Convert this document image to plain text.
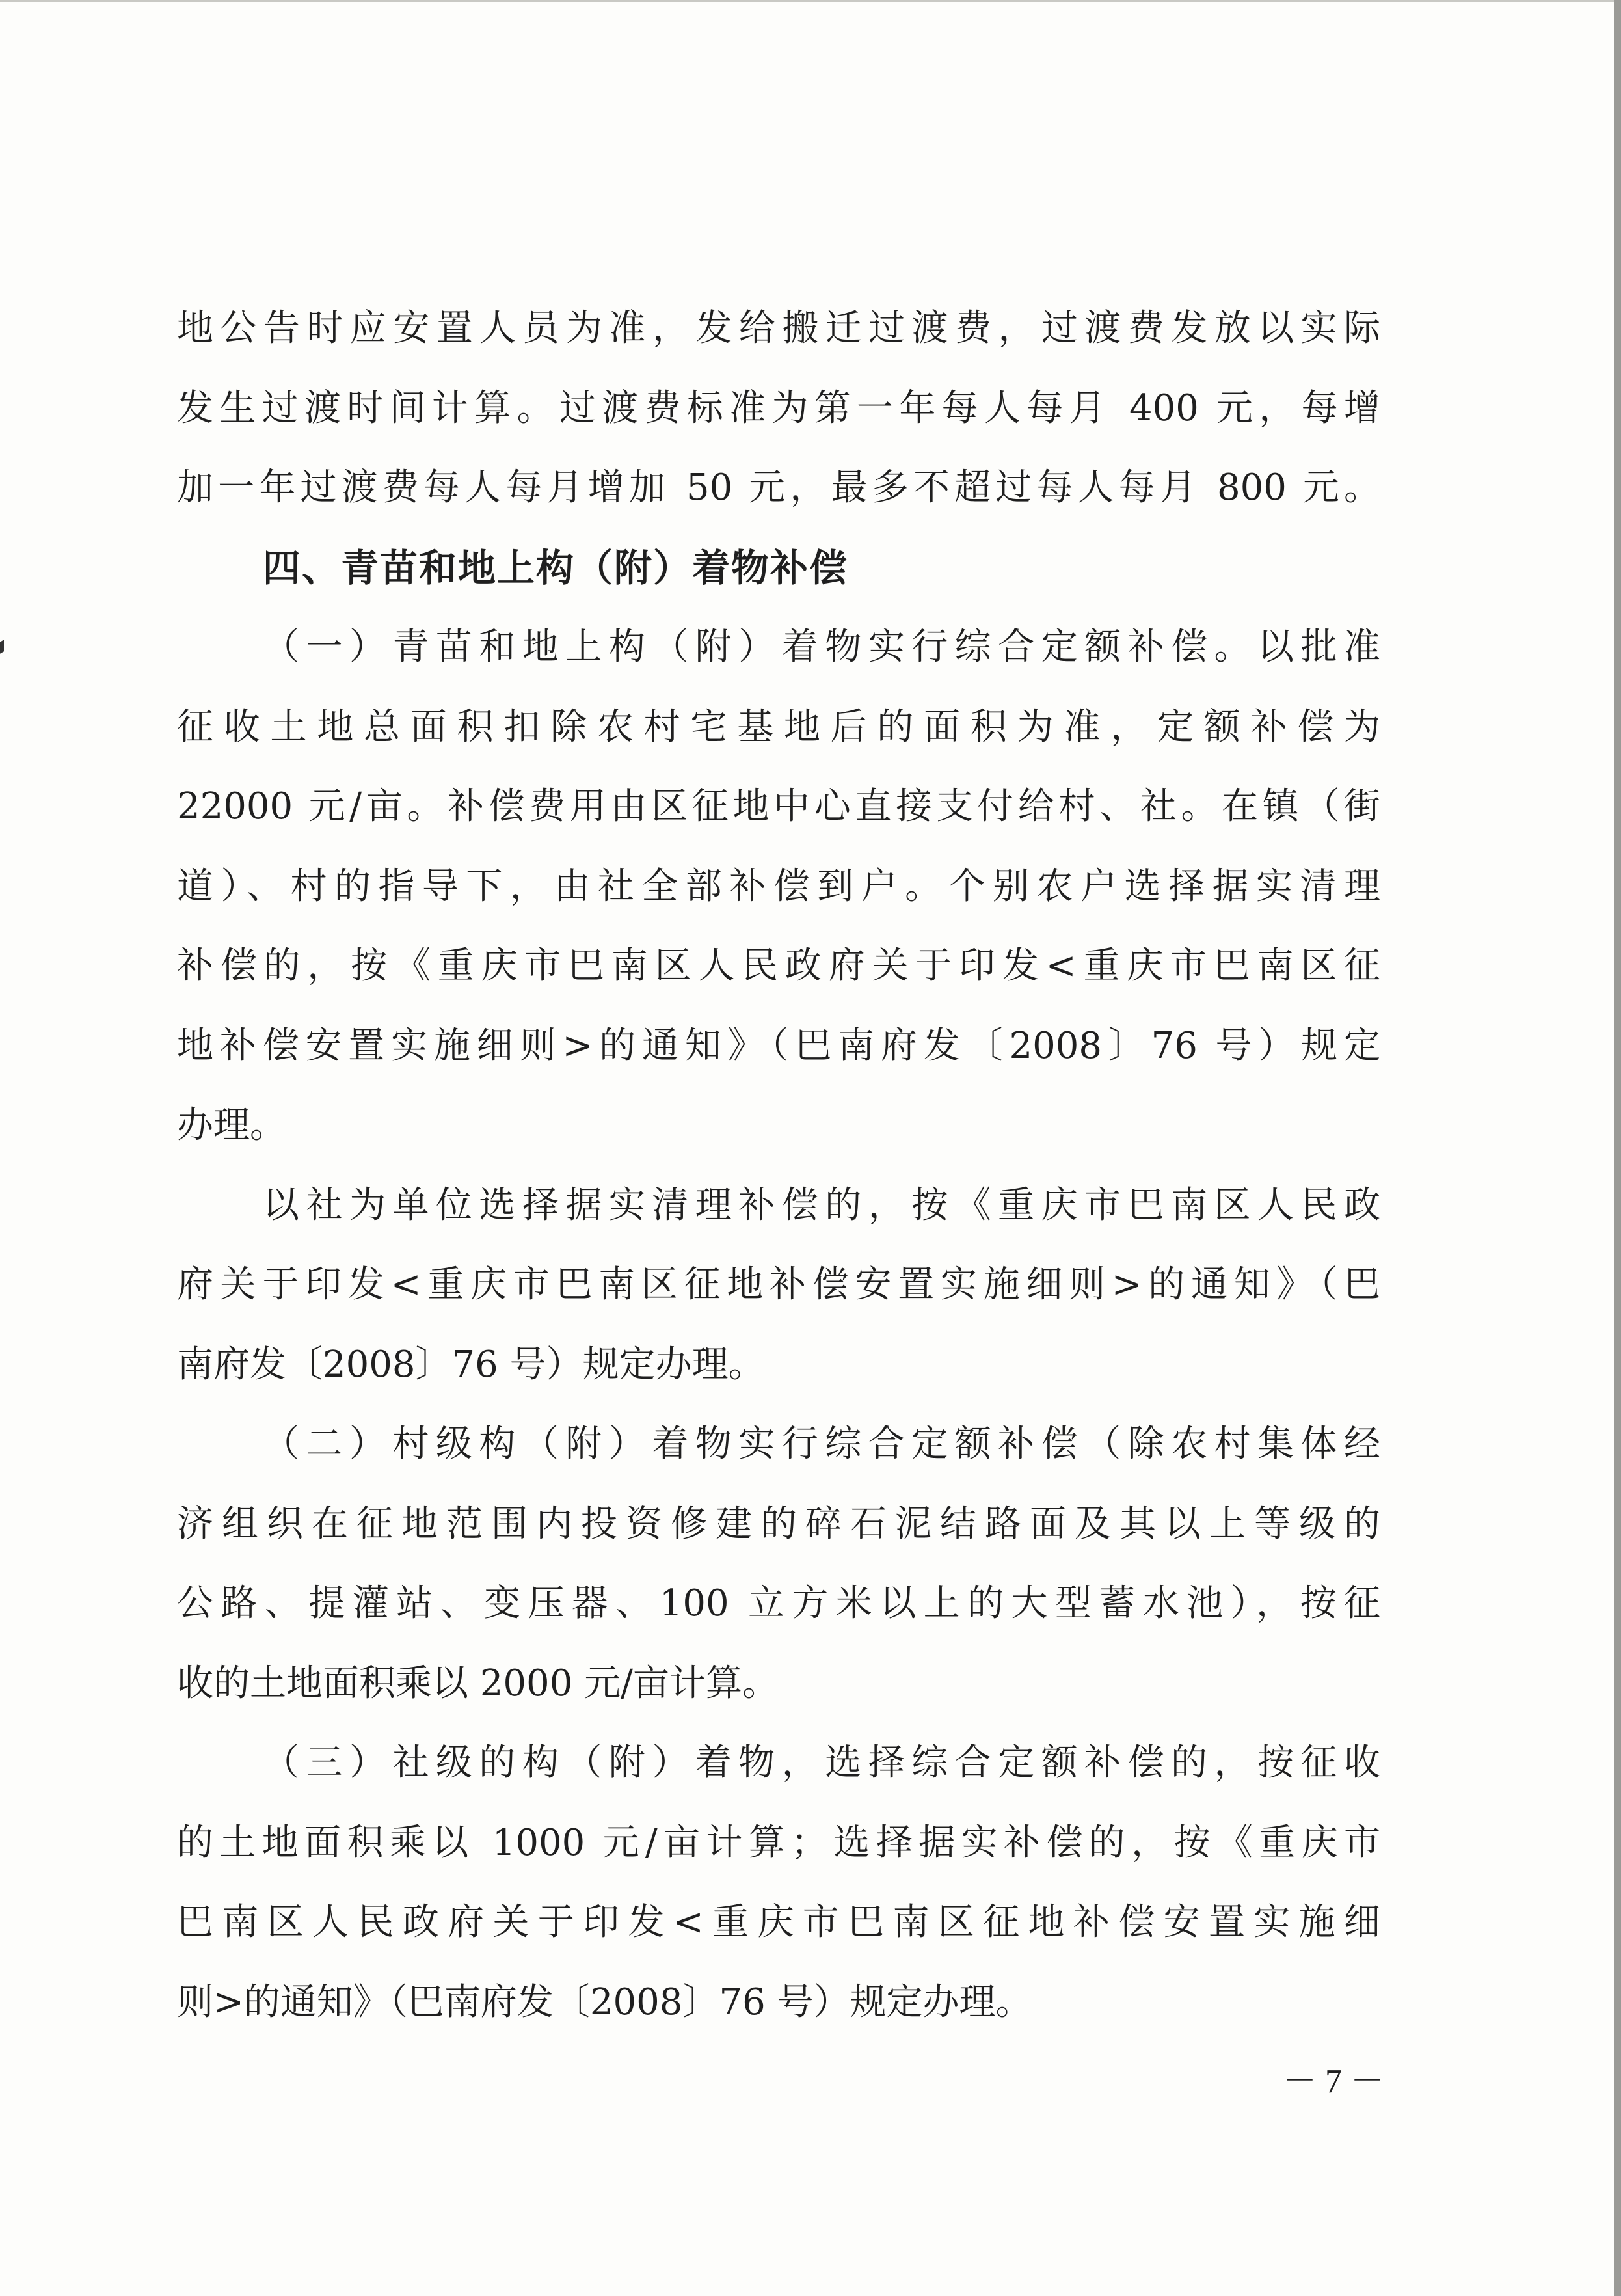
地公告时应安置人员为准，发给搬迁过渡费，过渡费发放以实际
发生过渡时间计算。过渡费标准为第一年每人每月 400 元，每增
加一年过渡费每人每月增加 50 元，最多不超过每人每月 800 元。
四、青苗和地上构（附）着物补偿
（一）青苗和地上构（附）着物实行综合定额补偿。以批准
征收土地总面积扣除农村宅基地后的面积为准，定额补偿为
22000 元/亩。补偿费用由区征地中心直接支付给村、社。在镇（街
道）、村的指导下，由社全部补偿到户。个别农户选择据实清理
补偿的，按《重庆市巴南区人民政府关于印发<重庆市巴南区征
地补偿安置实施细则>的通知》（巴南府发〔2008〕76 号）规定
办理。
以社为单位选择据实清理补偿的，按《重庆市巴南区人民政
府关于印发<重庆市巴南区征地补偿安置实施细则>的通知》（巴
南府发〔2008〕76 号）规定办理。
（二）村级构（附）着物实行综合定额补偿（除农村集体经
济组织在征地范围内投资修建的碎石泥结路面及其以上等级的
公路、提灌站、变压器、100 立方米以上的大型蓄水池），按征
收的土地面积乘以 2000 元/亩计算。
（三）社级的构（附）着物，选择综合定额补偿的，按征收
的土地面积乘以 1000 元/亩计算；选择据实补偿的，按《重庆市
巴南区人民政府关于印发<重庆市巴南区征地补偿安置实施细
则>的通知》（巴南府发〔2008〕76 号）规定办理。
－ 7 －
